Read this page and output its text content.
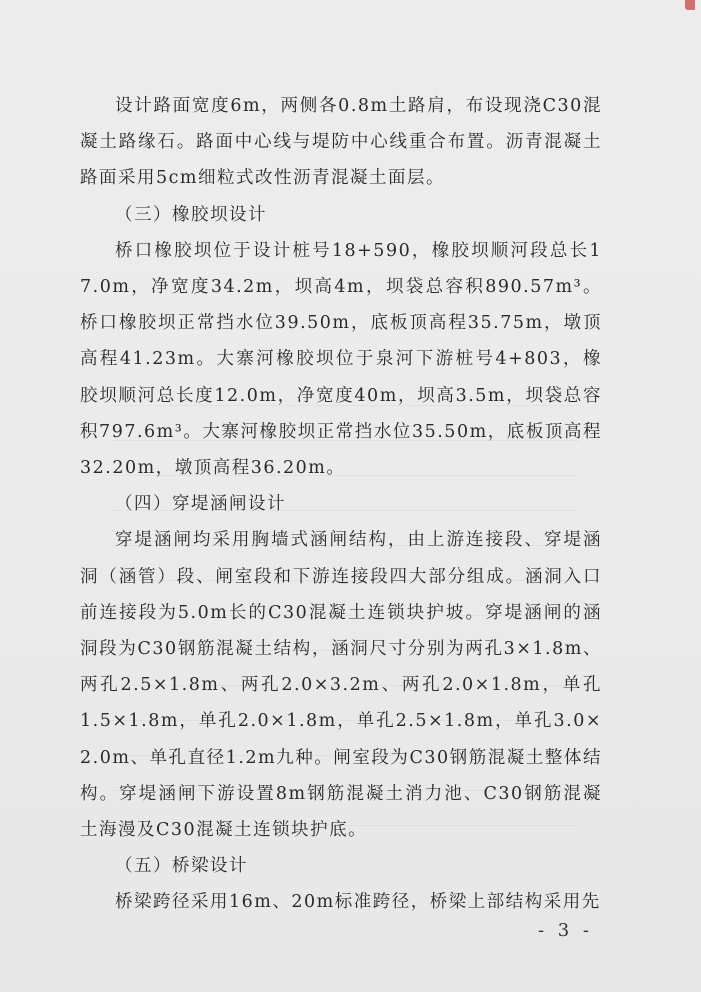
设计路面宽度6m，两侧各0.8m土路肩，布设现浇C30混凝土路缘石。路面中心线与堤防中心线重合布置。沥青混凝土路面采用5cm细粒式改性沥青混凝土面层。

（三）橡胶坝设计

桥口橡胶坝位于设计桩号18+590，橡胶坝顺河段总长17.0m，净宽度34.2m，坝高4m，坝袋总容积890.57m³。桥口橡胶坝正常挡水位39.50m，底板顶高程35.75m，墩顶高程41.23m。大寨河橡胶坝位于泉河下游桩号4+803，橡胶坝顺河总长度12.0m，净宽度40m，坝高3.5m，坝袋总容积797.6m³。大寨河橡胶坝正常挡水位35.50m，底板顶高程32.20m，墩顶高程36.20m。

（四）穿堤涵闸设计

穿堤涵闸均采用胸墙式涵闸结构，由上游连接段、穿堤涵洞（涵管）段、闸室段和下游连接段四大部分组成。涵洞入口前连接段为5.0m长的C30混凝土连锁块护坡。穿堤涵闸的涵洞段为C30钢筋混凝土结构，涵洞尺寸分别为两孔3×1.8m、两孔2.5×1.8m、两孔2.0×3.2m、两孔2.0×1.8m，单孔1.5×1.8m，单孔2.0×1.8m，单孔2.5×1.8m，单孔3.0×2.0m、单孔直径1.2m九种。闸室段为C30钢筋混凝土整体结构。穿堤涵闸下游设置8m钢筋混凝土消力池、C30钢筋混凝土海漫及C30混凝土连锁块护底。

（五）桥梁设计

桥梁跨径采用16m、20m标准跨径，桥梁上部结构采用先

- 3 -
